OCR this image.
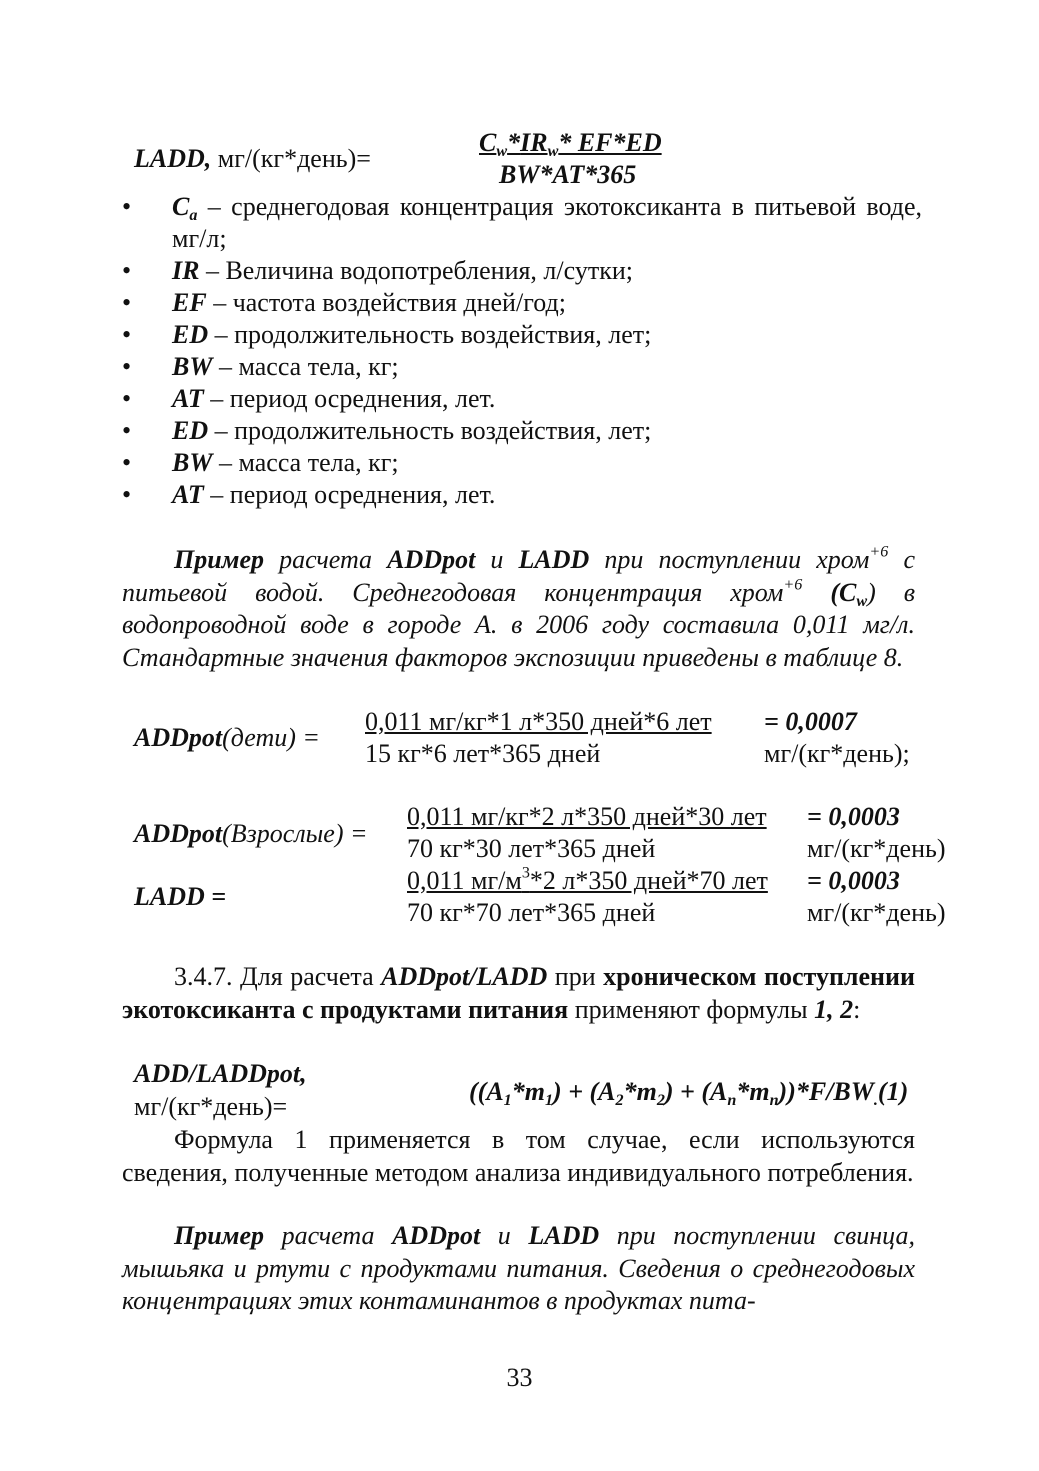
LADD, мг/(кг*день)=
$C_w*IR_w*$ EF*ED
BW*AT*365
• $C_a$ – среднегодовая концентрация экотоксиканта в питьевой воде, мг/л;

• IR – Величина водопотребления, л/сутки;

• EF – частота воздействия дней/год;

• ED – продолжительность воздействия, лет;

• BW – масса тела, кг;

• AT – период осреднения, лет.

• ED – продолжительность воздействия, лет;

• BW – масса тела, кг;

• AT – период осреднения, лет.

Пример расчета ADDpot и LADD при поступлении хром$^{+6}$ с питьевой водой. Среднегодовая концентрация хром$^{+6}$ $(C_w)$ в водопроводной воде в городе А. в 2006 году составила 0,011 мг/л. Стандартные значения факторов экспозиции приведены в таблице 8.

ADDpot(дети) =
0,011 мг/кг*1 л*350 дней*6 лет
15 кг*6 лет*365 дней
= 0,0007
мг/(кг*день);
ADDpot(Взрослые) =
0,011 мг/кг*2 л*350 дней*30 лет
70 кг*30 лет*365 дней
= 0,0003
мг/(кг*день)
LADD =
0,011 $мг/м^3*2$ л*350 дней*70 лет
70 кг*70 лет*365 дней
= 0,0003
мг/(кг*день)

3.4.7. Для расчета ADDpot/LADD при хроническом поступлении экотоксиканта с продуктами питания применяют формулы 1, 2:

ADD/LADDpot,
мг/(кг*день)=
$((A_1*m_1) + (A_2*m_2) + (A_n*m_n))*F/BW_.(1)$

Формула 1 применяется в том случае, если используются сведения, полученные методом анализа индивидуального потребления.

Пример расчета ADDpot и LADD при поступлении свинца, мышьяка и ртути с продуктами питания. Сведения о среднегодовых концентрациях этих контаминантов в продуктах пита-

33
